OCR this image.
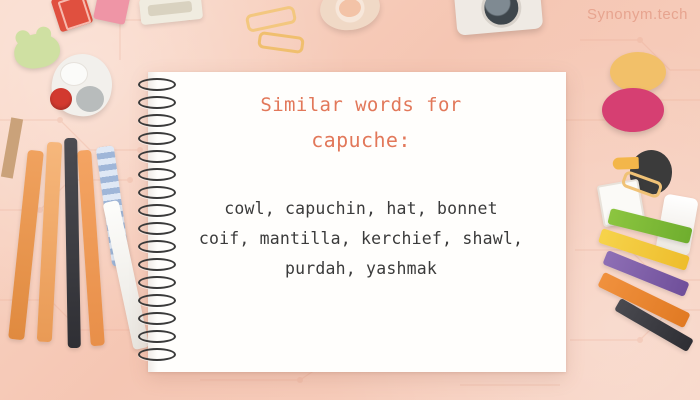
Similar words for
capuche:
cowl, capuchin, hat, bonnet
coif, mantilla, kerchief, shawl,
purdah, yashmak
Synonym.tech
